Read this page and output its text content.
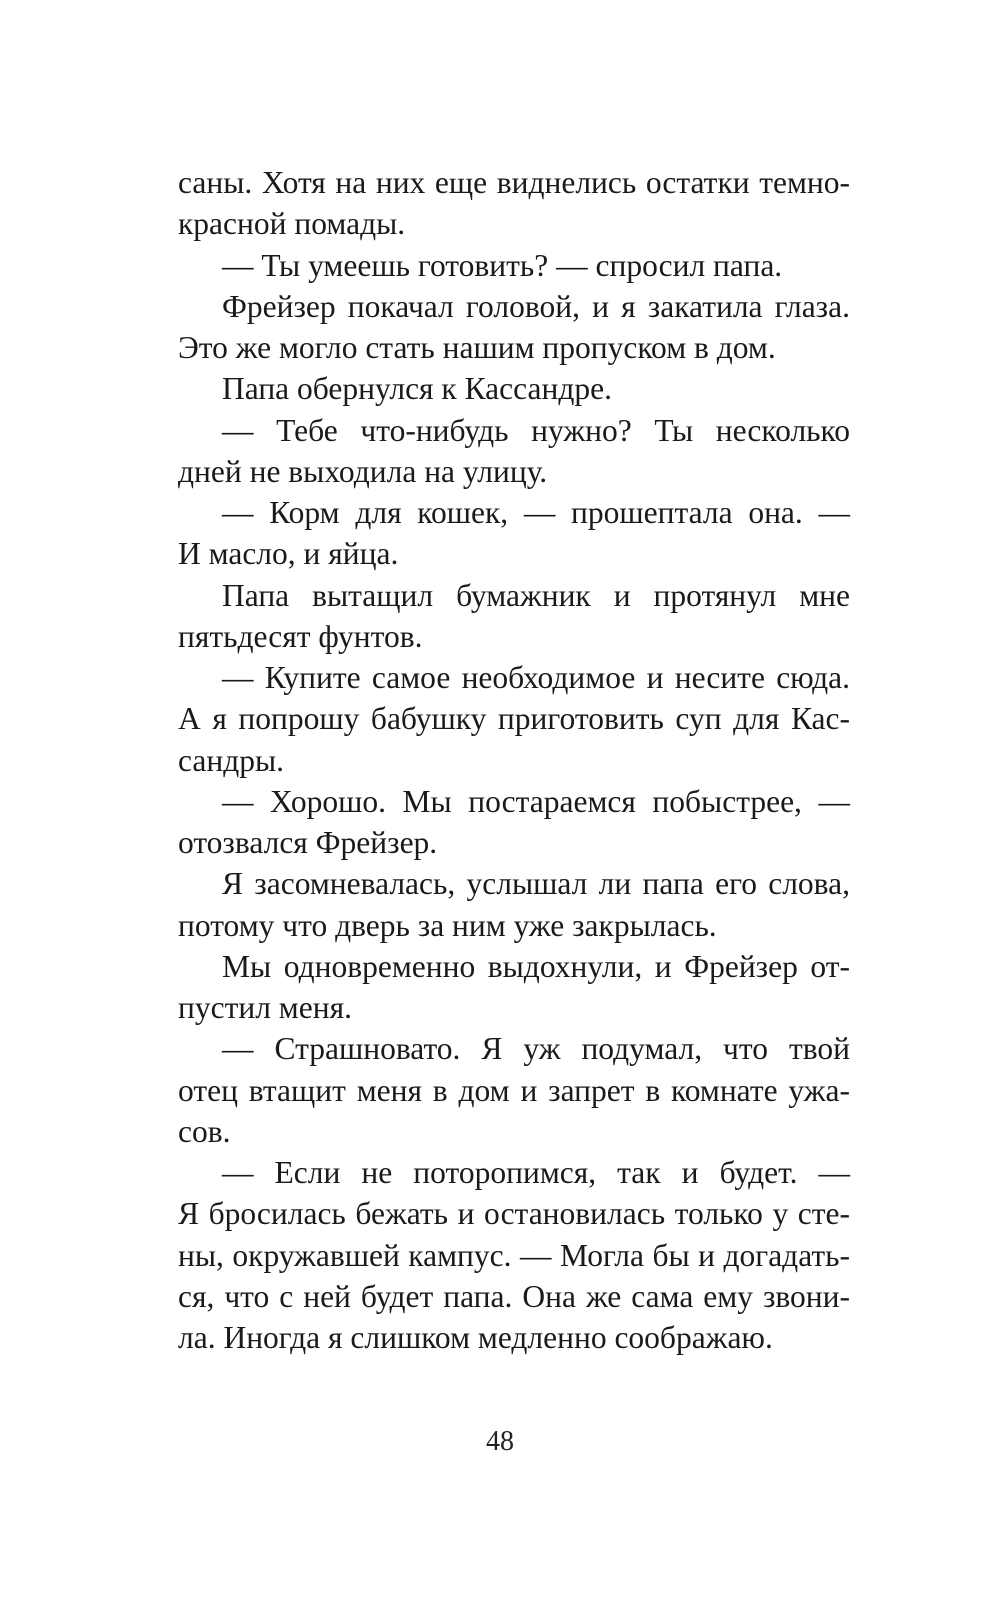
саны. Хотя на них еще виднелись остатки темно-
красной помады.
— Ты умеешь готовить? — спросил папа.
Фрейзер покачал головой, и я закатила глаза.
Это же могло стать нашим пропуском в дом.
Папа обернулся к Кассандре.
— Тебе что-нибудь нужно? Ты несколько
дней не выходила на улицу.
— Корм для кошек, — прошептала она. —
И масло, и яйца.
Папа вытащил бумажник и протянул мне
пятьдесят фунтов.
— Купите самое необходимое и несите сюда.
А я попрошу бабушку приготовить суп для Кас-
сандры.
— Хорошо. Мы постараемся побыстрее, —
отозвался Фрейзер.
Я засомневалась, услышал ли папа его слова,
потому что дверь за ним уже закрылась.
Мы одновременно выдохнули, и Фрейзер от-
пустил меня.
— Страшновато. Я уж подумал, что твой
отец втащит меня в дом и запрет в комнате ужа-
сов.
— Если не поторопимся, так и будет. —
Я бросилась бежать и остановилась только у сте-
ны, окружавшей кампус. — Могла бы и догадать-
ся, что с ней будет папа. Она же сама ему звони-
ла. Иногда я слишком медленно соображаю.
48
